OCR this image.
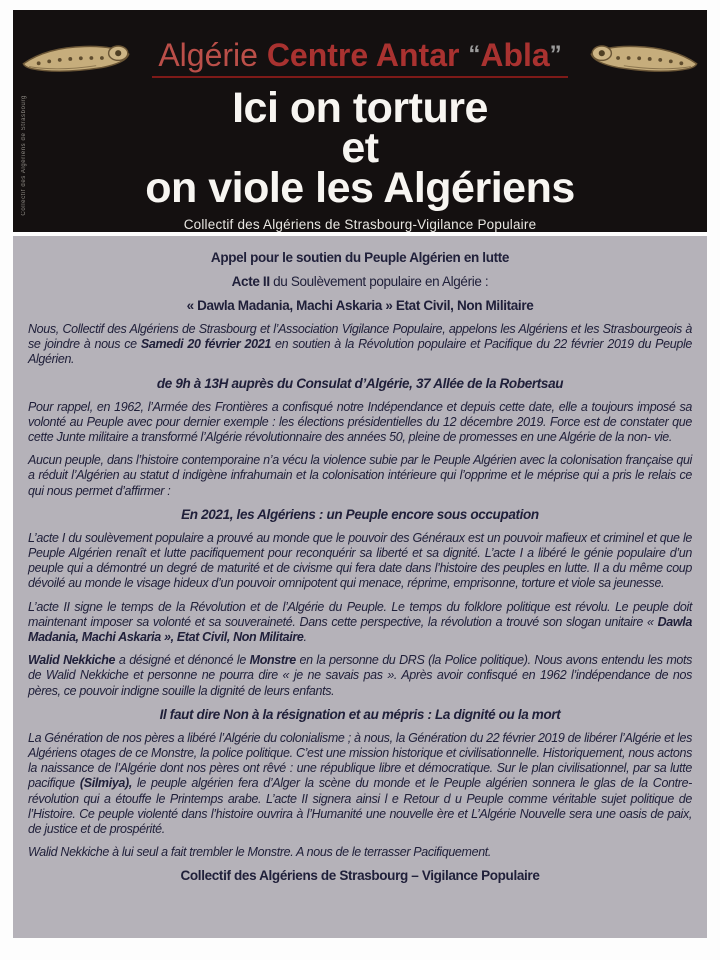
Collectif des Algériens de Strasbourg
Algérie Centre Antar “Abla”
Ici on torture
et
on viole les Algériens
Collectif des Algériens de Strasbourg-Vigilance Populaire
Appel pour le soutien du Peuple Algérien en lutte
Acte II du Soulèvement populaire en Algérie :
« Dawla Madania, Machi Askaria » Etat Civil, Non Militaire
Nous, Collectif des Algériens de Strasbourg et l’Association Vigilance Populaire, appelons les Algériens et les Strasbourgeois à se joindre à nous ce Samedi 20 février 2021 en soutien à la Révolution populaire et Pacifique du 22 février 2019 du Peuple Algérien.
de 9h à 13H auprès du Consulat d’Algérie, 37 Allée de la Robertsau
Pour rappel, en 1962, l’Armée des Frontières a confisqué notre Indépendance et depuis cette date, elle a toujours imposé sa volonté au Peuple avec pour dernier exemple : les élections présidentielles du 12 décembre 2019. Force est de constater que cette Junte militaire a transformé l’Algérie révolutionnaire des années 50, pleine de promesses en une Algérie de la non- vie.
Aucun peuple, dans l’histoire contemporaine n’a vécu la violence subie par le Peuple Algérien avec la colonisation française qui a réduit l’Algérien au statut d indigène infrahumain et la colonisation intérieure qui l’opprime et le méprise qui a pris le relais ce qui nous permet d’affirmer :
En 2021, les Algériens : un Peuple encore sous occupation
L’acte I du soulèvement populaire a prouvé au monde que le pouvoir des Généraux est un pouvoir mafieux et criminel et que le Peuple Algérien renaît et lutte pacifiquement pour reconquérir sa liberté et sa dignité. L’acte I a libéré le génie populaire d’un peuple qui a démontré un degré de maturité et de civisme qui fera date dans l’histoire des peuples en lutte. Il a du même coup dévoilé au monde le visage hideux d’un pouvoir omnipotent qui menace, réprime, emprisonne, torture et viole sa jeunesse.
L’acte II signe le temps de la Révolution et de l’Algérie du Peuple. Le temps du folklore politique est révolu. Le peuple doit maintenant imposer sa volonté et sa souveraineté. Dans cette perspective, la révolution a trouvé son slogan unitaire « Dawla Madania, Machi Askaria », Etat Civil, Non Militaire.
Walid Nekkiche a désigné et dénoncé le Monstre en la personne du DRS (la Police politique). Nous avons entendu les mots de Walid Nekkiche et personne ne pourra dire « je ne savais pas ». Après avoir confisqué en 1962 l’indépendance de nos pères, ce pouvoir indigne souille la dignité de leurs enfants.
Il faut dire Non à la résignation et au mépris : La dignité ou la mort
La Génération de nos pères a libéré l’Algérie du colonialisme ; à nous, la Génération du 22 février 2019 de libérer l’Algérie et les Algériens otages de ce Monstre, la police politique. C’est une mission historique et civilisationnelle. Historiquement, nous actons la naissance de l’Algérie dont nos pères ont rêvé : une république libre et démocratique. Sur le plan civilisationnel, par sa lutte pacifique (Silmiya), le peuple algérien fera d’Alger la scène du monde et le Peuple algérien sonnera le glas de la Contre-révolution qui a étouffe le Printemps arabe. L’acte II signera ainsi l e Retour d u Peuple comme véritable sujet politique de l’Histoire. Ce peuple violenté dans l’histoire ouvrira à l’Humanité une nouvelle ère et L’Algérie Nouvelle sera une oasis de paix, de justice et de prospérité.
Walid Nekkiche à lui seul a fait trembler le Monstre. A nous de le terrasser Pacifiquement.
Collectif des Algériens de Strasbourg – Vigilance Populaire
